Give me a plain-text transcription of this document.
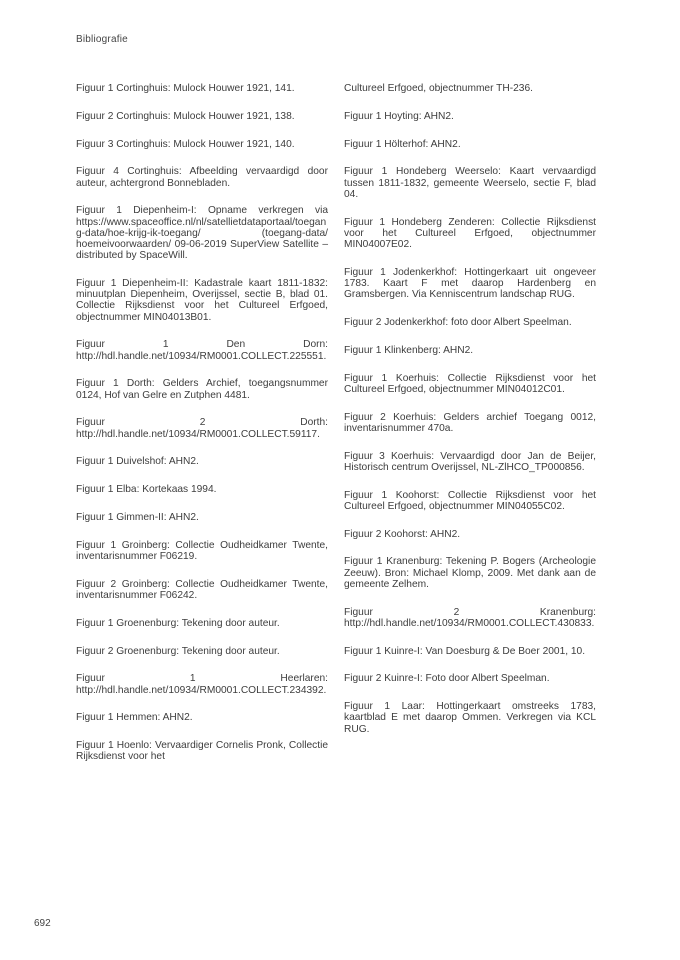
Bibliografie

Figuur 1 Cortinghuis: Mulock Houwer 1921, 141.

Figuur 2 Cortinghuis: Mulock Houwer 1921, 138.

Figuur 3 Cortinghuis: Mulock Houwer 1921, 140.

Figuur 4 Cortinghuis: Afbeelding vervaardigd door auteur, achtergrond Bonnebladen.

Figuur 1 Diepenheim-I: Opname verkregen via https://www.spaceoffice.nl/nl/satellietdataportaal/toegang-data/hoe-krijg-ik-toegang/ (toegang-data/ hoemeivoorwaarden/ 09-06-2019 SuperView Satellite – distributed by SpaceWill.

Figuur 1 Diepenheim-II: Kadastrale kaart 1811-1832: minuutplan Diepenheim, Overijssel, sectie B, blad 01. Collectie Rijksdienst voor het Cultureel Erfgoed, objectnummer MIN04013B01.

Figuur 1 Den Dorn: http://hdl.handle.net/10934/RM0001.COLLECT.225551.

Figuur 1 Dorth: Gelders Archief, toegangsnummer 0124, Hof van Gelre en Zutphen 4481.

Figuur 2 Dorth: http://hdl.handle.net/10934/RM0001.COLLECT.59117.

Figuur 1 Duivelshof: AHN2.

Figuur 1 Elba: Kortekaas 1994.

Figuur 1 Gimmen-II: AHN2.

Figuur 1 Groinberg: Collectie Oudheidkamer Twente, inventarisnummer F06219.

Figuur 2 Groinberg: Collectie Oudheidkamer Twente, inventarisnummer F06242.

Figuur 1 Groenenburg: Tekening door auteur.

Figuur 2 Groenenburg: Tekening door auteur.

Figuur 1 Heerlaren: http://hdl.handle.net/10934/RM0001.COLLECT.234392.

Figuur 1 Hemmen: AHN2.

Figuur 1 Hoenlo: Vervaardiger Cornelis Pronk, Collectie Rijksdienst voor het

Cultureel Erfgoed, objectnummer TH-236.

Figuur 1 Hoyting: AHN2.

Figuur 1 Hölterhof: AHN2.

Figuur 1 Hondeberg Weerselo: Kaart vervaardigd tussen 1811-1832, gemeente Weerselo, sectie F, blad 04.

Figuur 1 Hondeberg Zenderen: Collectie Rijksdienst voor het Cultureel Erfgoed, objectnummer MIN04007E02.

Figuur 1 Jodenkerkhof: Hottingerkaart uit ongeveer 1783. Kaart F met daarop Hardenberg en Gramsbergen. Via Kenniscentrum landschap RUG.

Figuur 2 Jodenkerkhof: foto door Albert Speelman.

Figuur 1 Klinkenberg: AHN2.

Figuur 1 Koerhuis: Collectie Rijksdienst voor het Cultureel Erfgoed, objectnummer MIN04012C01.

Figuur 2 Koerhuis: Gelders archief Toegang 0012, inventarisnummer 470a.

Figuur 3 Koerhuis: Vervaardigd door Jan de Beijer, Historisch centrum Overijssel, NL-ZlHCO_TP000856.

Figuur 1 Koohorst: Collectie Rijksdienst voor het Cultureel Erfgoed, objectnummer MIN04055C02.

Figuur 2 Koohorst: AHN2.

Figuur 1 Kranenburg: Tekening P. Bogers (Archeologie Zeeuw). Bron: Michael Klomp, 2009. Met dank aan de gemeente Zelhem.

Figuur 2 Kranenburg: http://hdl.handle.net/10934/RM0001.COLLECT.430833.

Figuur 1 Kuinre-I: Van Doesburg & De Boer 2001, 10.

Figuur 2 Kuinre-I: Foto door Albert Speelman.

Figuur 1 Laar: Hottingerkaart omstreeks 1783, kaartblad E met daarop Ommen. Verkregen via KCL RUG.

692
